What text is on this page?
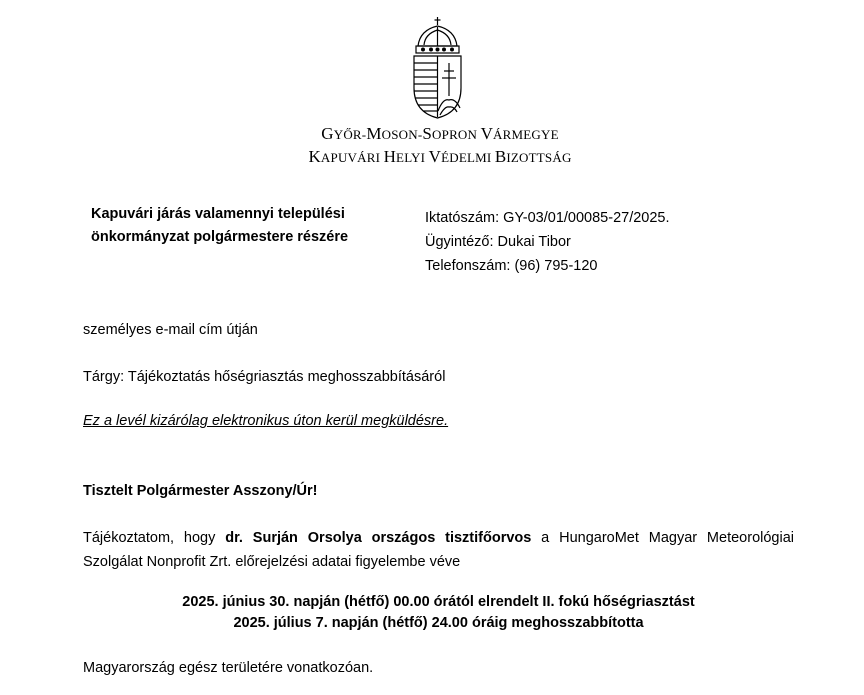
GYŐR-MOSON-SOPRON VÁRMEGYE
KAPUVÁRI HELYI VÉDELMI BIZOTTSÁG
Kapuvári járás valamennyi települési
önkormányzat polgármestere részére
Iktatószám: GY-03/01/00085-27/2025.
Ügyintéző: Dukai Tibor
Telefonszám: (96) 795-120
személyes e-mail cím útján
Tárgy: Tájékoztatás hőségriasztás meghosszabbításáról
Ez a levél kizárólag elektronikus úton kerül megküldésre.
Tisztelt Polgármester Asszony/Úr!
Tájékoztatom, hogy dr. Surján Orsolya országos tisztifőorvos a HungaroMet Magyar Meteorológiai Szolgálat Nonprofit Zrt. előrejelzési adatai figyelembe véve
2025. június 30. napján (hétfő) 00.00 órától elrendelt II. fokú hőségriasztást
2025. július 7. napján (hétfő) 24.00 óráig meghosszabbította
Magyarország egész területére vonatkozóan.
